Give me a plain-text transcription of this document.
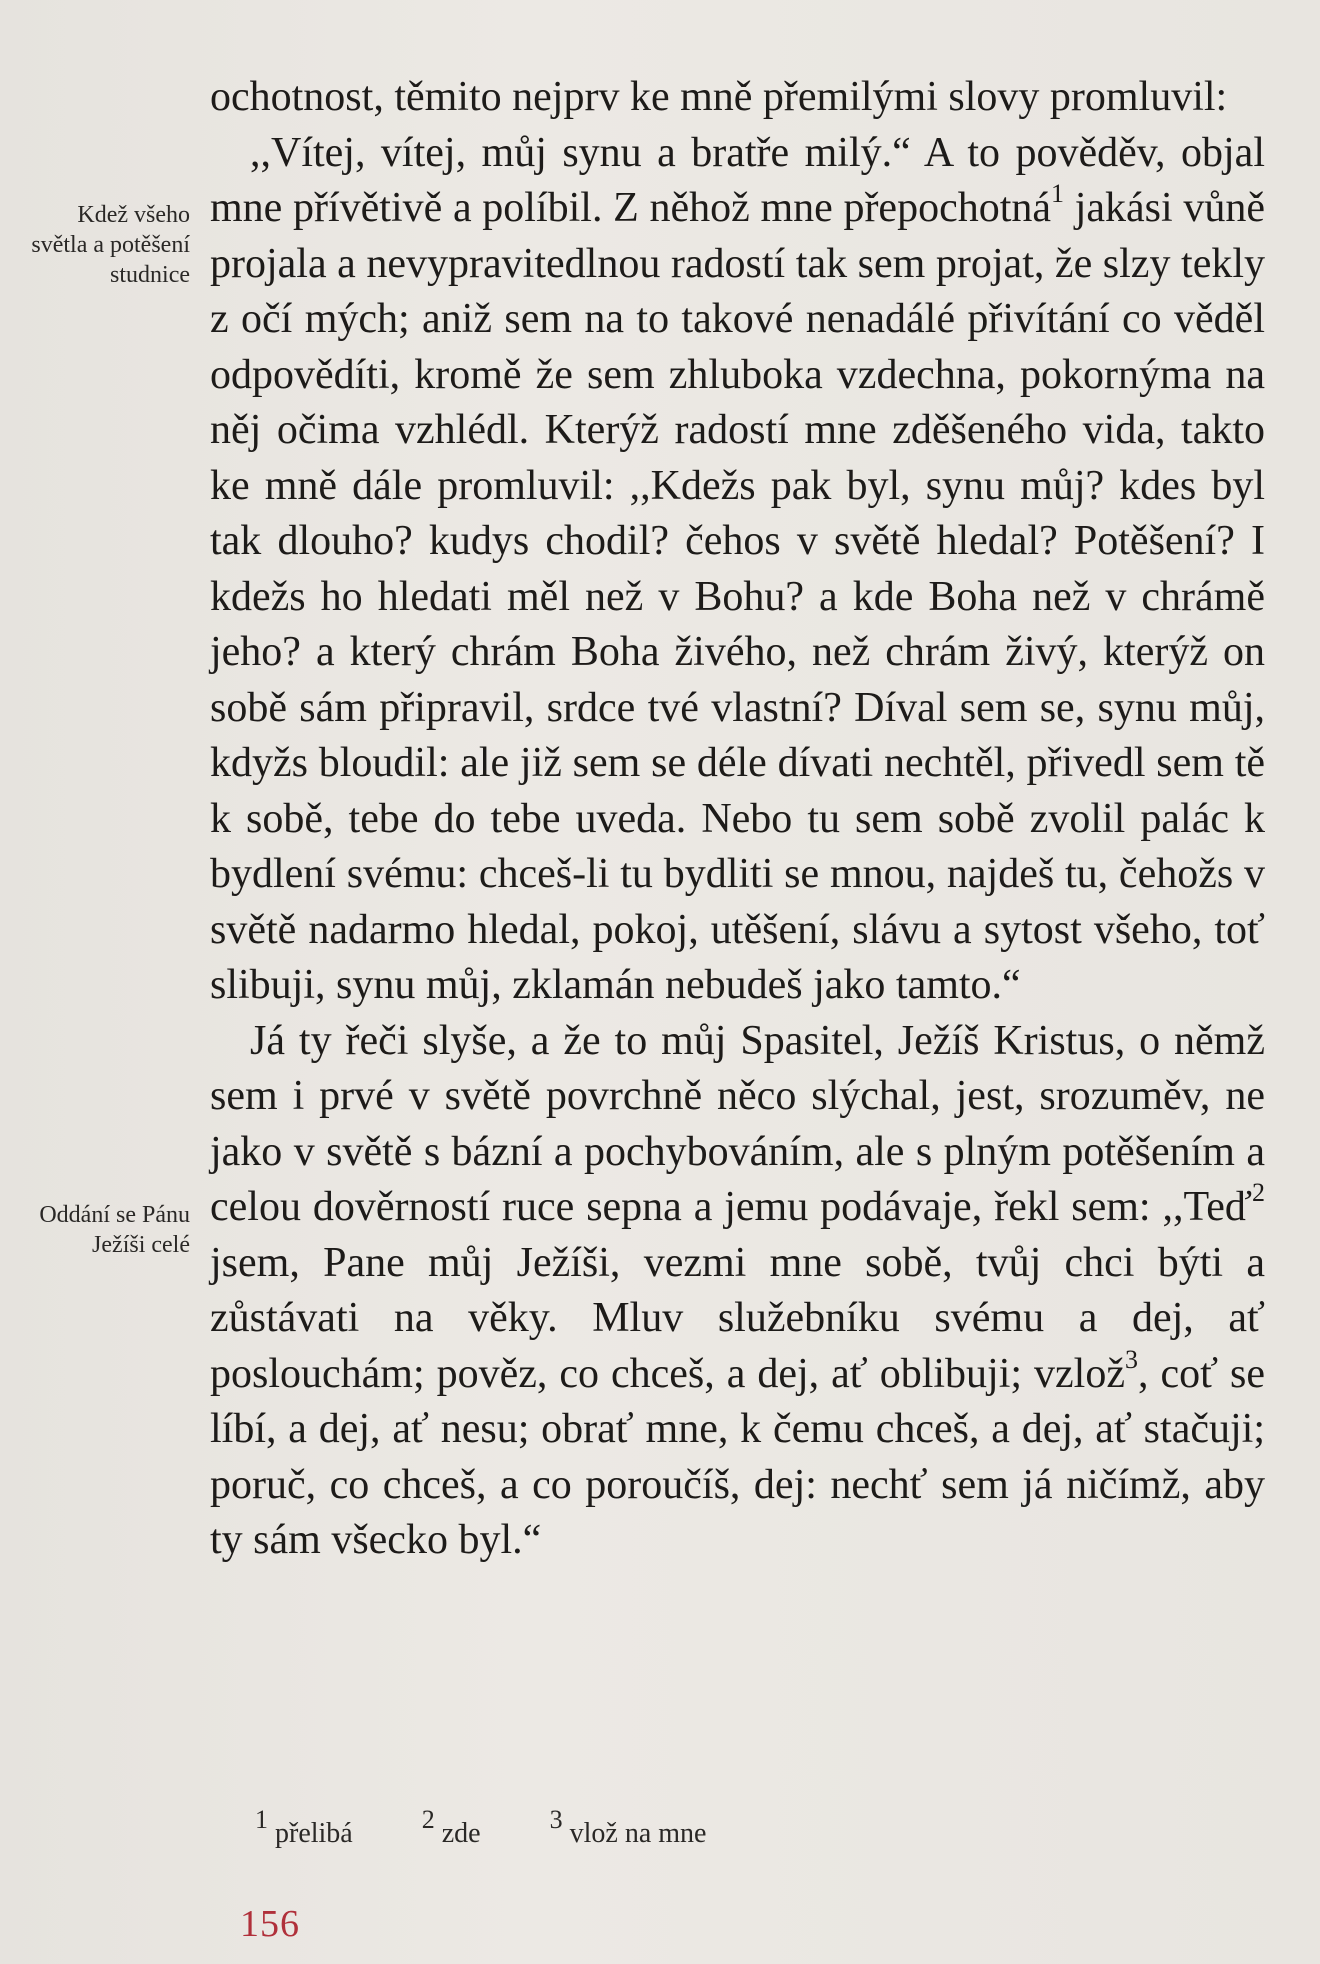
Kdež všeho světla a potěšení studnice
Oddání se Pánu Ježíši celé

ochotnost, těmito nejprv ke mně přemilými slovy promluvil:

,,Vítej, vítej, můj synu a bratře milý.“ A to pověděv, objal mne přívětivě a políbil. Z něhož mne přepochotná$^1$ jakási vůně projala a nevypravitedlnou radostí tak sem projat, že slzy tekly z očí mých; aniž sem na to takové nenadálé přivítání co věděl odpovědíti, kromě že sem zhluboka vzdechna, pokornýma na něj očima vzhlédl. Kterýž radostí mne zděšeného vida, takto ke mně dále promluvil: ,,Kdežs pak byl, synu můj? kdes byl tak dlouho? kudys chodil? čehos v světě hledal? Potěšení? I kdežs ho hledati měl než v Bohu? a kde Boha než v chrámě jeho? a který chrám Boha živého, než chrám živý, kterýž on sobě sám připravil, srdce tvé vlastní? Díval sem se, synu můj, kdyžs bloudil: ale již sem se déle dívati nechtěl, přivedl sem tě k sobě, tebe do tebe uveda. Nebo tu sem sobě zvolil palác k bydlení svému: chceš-li tu bydliti se mnou, najdeš tu, čehožs v světě nadarmo hledal, pokoj, utěšení, slávu a sytost všeho, toť slibuji, synu můj, zklamán nebudeš jako tamto.“

Já ty řeči slyše, a že to můj Spasitel, Ježíš Kristus, o němž sem i prvé v světě povrchně něco slýchal, jest, srozuměv, ne jako v světě s bázní a pochybováním, ale s plným potěšením a celou dověrností ruce sepna a jemu podávaje, řekl sem: ,,Teď$^2$ jsem, Pane můj Ježíši, vezmi mne sobě, tvůj chci býti a zůstávati na věky. Mluv služebníku svému a dej, ať poslouchám; pověz, co chceš, a dej, ať oblibuji; vzlož$^3$, coť se líbí, a dej, ať nesu; obrať mne, k čemu chceš, a dej, ať stačuji; poruč, co chceš, a co poroučíš, dej: nechť sem já ničímž, aby ty sám všecko byl.“

$^1$ přelibá	$^2$ zde	$^3$ vlož na mne
156
